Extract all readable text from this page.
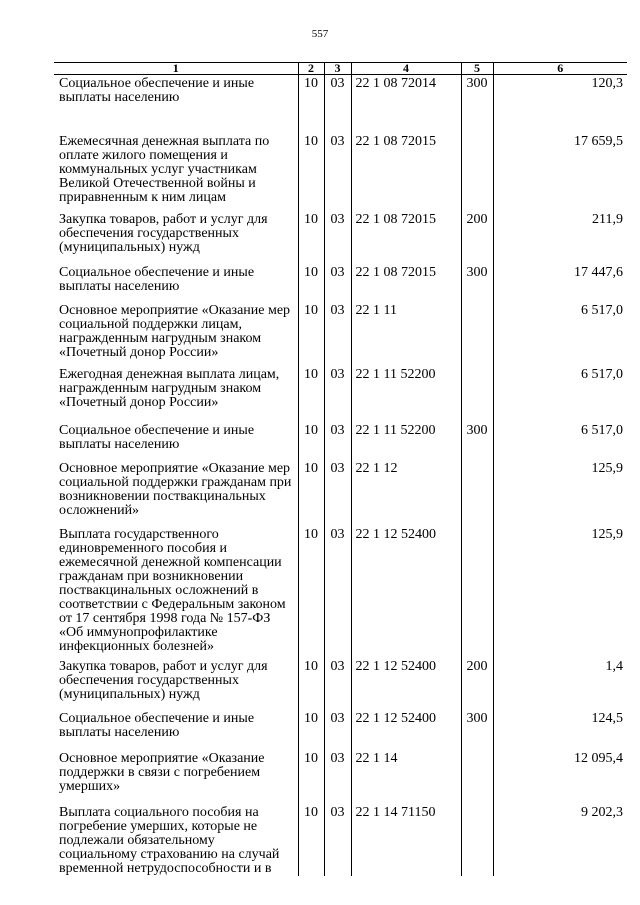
557
1	2	3	4	5	6
Социальное обеспечение и иные выплаты населению	10	03	22 1 08 72014	300	120,3
Ежемесячная денежная выплата по оплате жилого помещения и коммунальных услуг участникам Великой Отечественной войны и приравненным к ним лицам	10	03	22 1 08 72015		17 659,5
Закупка товаров, работ и услуг для обеспечения государственных (муниципальных) нужд	10	03	22 1 08 72015	200	211,9
Социальное обеспечение и иные выплаты населению	10	03	22 1 08 72015	300	17 447,6
Основное мероприятие «Оказание мер социальной поддержки лицам, награжденным нагрудным знаком «Почетный донор России»	10	03	22 1 11		6 517,0
Ежегодная денежная выплата лицам, награжденным нагрудным знаком «Почетный донор России»	10	03	22 1 11 52200		6 517,0
Социальное обеспечение и иные выплаты населению	10	03	22 1 11 52200	300	6 517,0
Основное мероприятие «Оказание мер социальной поддержки гражданам при возникновении поствакцинальных осложнений»	10	03	22 1 12		125,9
Выплата государственного единовременного пособия и ежемесячной денежной компенсации гражданам при возникновении поствакцинальных осложнений в соответствии с Федеральным законом от 17 сентября 1998 года № 157-ФЗ «Об иммунопрофилактике инфекционных болезней»	10	03	22 1 12 52400		125,9
Закупка товаров, работ и услуг для обеспечения государственных (муниципальных) нужд	10	03	22 1 12 52400	200	1,4
Социальное обеспечение и иные выплаты населению	10	03	22 1 12 52400	300	124,5
Основное мероприятие «Оказание поддержки в связи с погребением умерших»	10	03	22 1 14		12 095,4
Выплата социального пособия на погребение умерших, которые не подлежали обязательному социальному страхованию на случай временной нетрудоспособности и в	10	03	22 1 14 71150		9 202,3
